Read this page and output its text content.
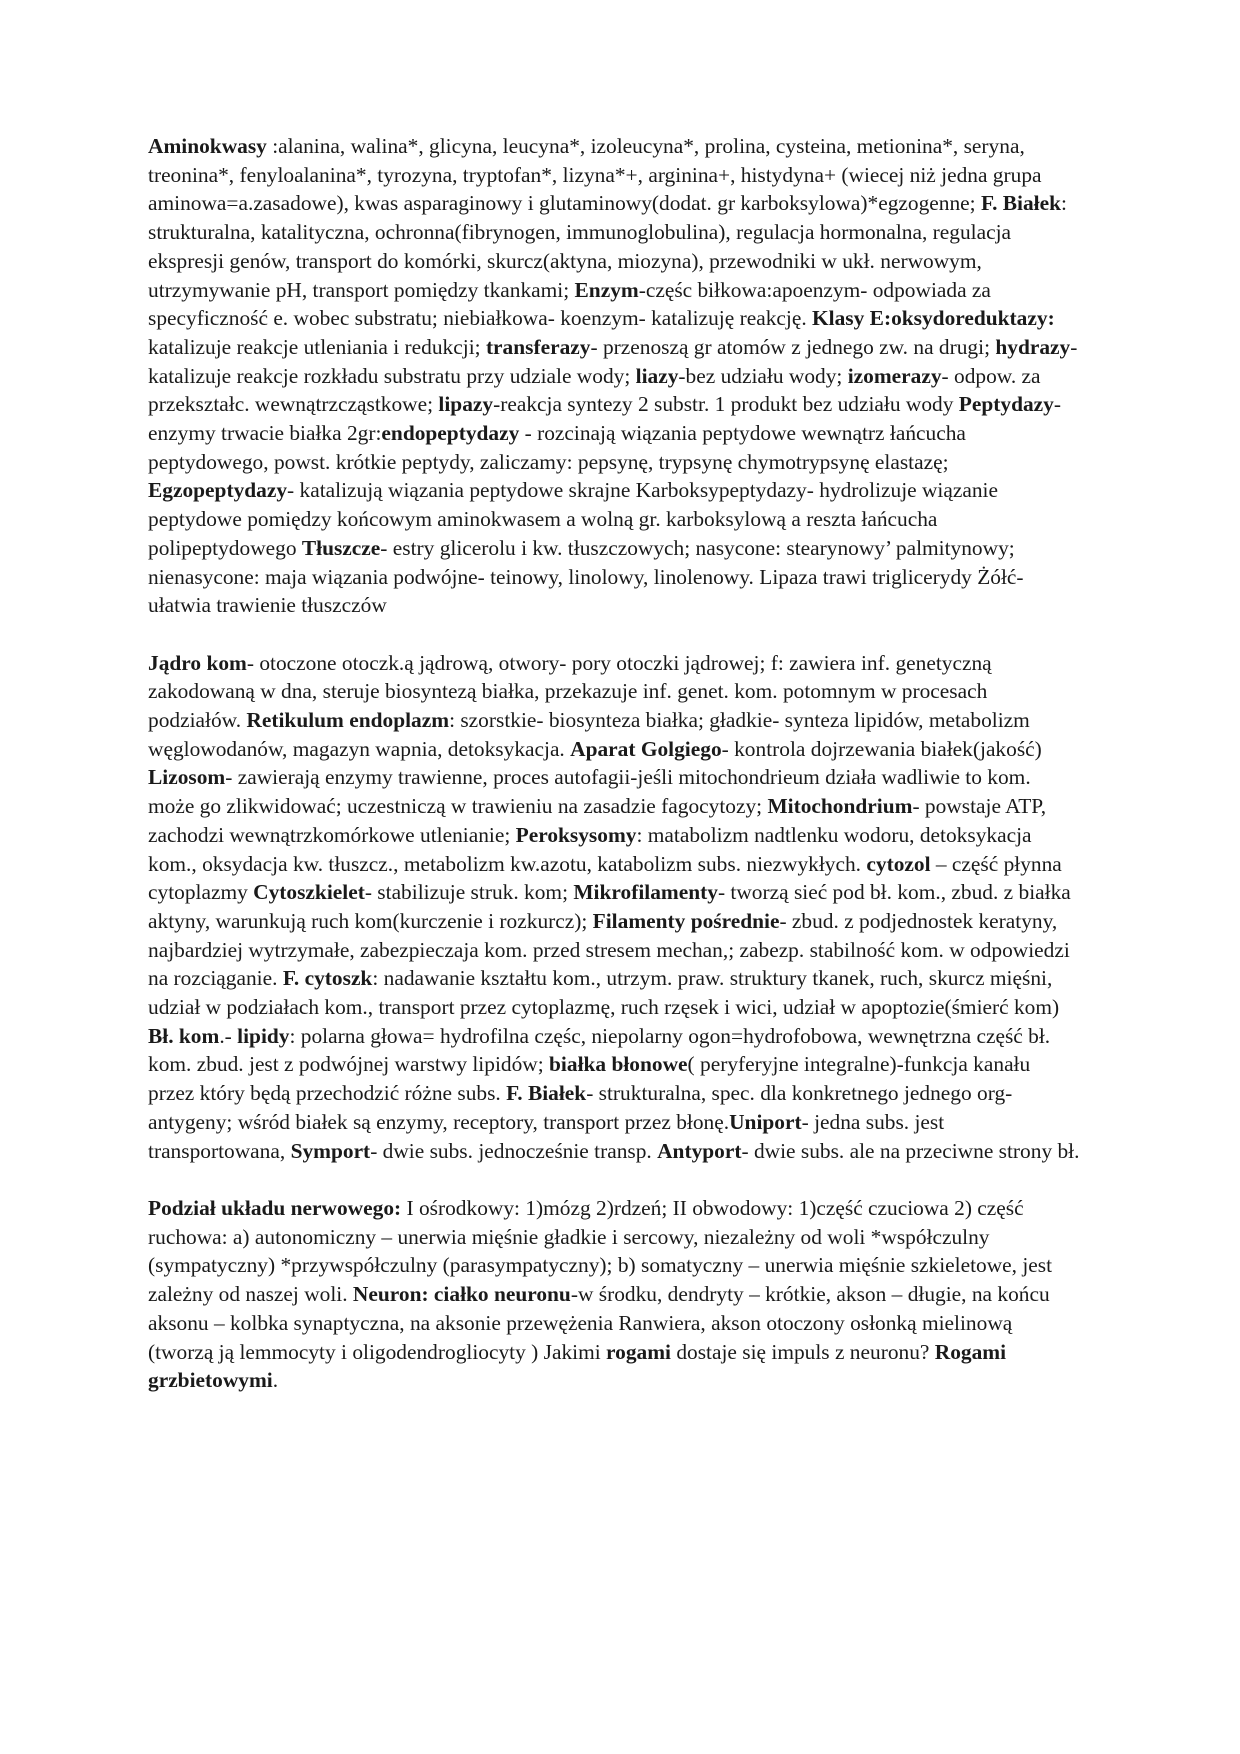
Aminokwasy :alanina, walina*, glicyna, leucyna*, izoleucyna*, prolina, cysteina, metionina*, seryna, treonina*, fenyloalanina*, tyrozyna, tryptofan*, lizyna*+, arginina+, histydyna+ (wiecej niż jedna grupa aminowa=a.zasadowe), kwas asparaginowy i glutaminowy(dodat. gr karboksylowa)*egzogenne; F. Białek: strukturalna, katalityczna, ochronna(fibrynogen, immunoglobulina), regulacja hormonalna, regulacja ekspresji genów, transport do komórki, skurcz(aktyna, miozyna), przewodniki w ukł. nerwowym, utrzymywanie pH, transport pomiędzy tkankami; Enzym-częśc biłkowa:apoenzym- odpowiada za specyficzność e. wobec substratu; niebiałkowa- koenzym- katalizuję reakcję. Klasy E:oksydoreduktazy: katalizuje reakcje utleniania i redukcji; transferazy- przenoszą gr atomów z jednego zw. na drugi; hydrazy- katalizuje reakcje rozkładu substratu przy udziale wody; liazy-bez udziału wody; izomerazy- odpow. za przekształc. wewnątrzcząstkowe; lipazy-reakcja syntezy 2 substr. 1 produkt bez udziału wody Peptydazy- enzymy trwacie białka 2gr:endopeptydazy - rozcinają wiązania peptydowe wewnątrz łańcucha peptydowego, powst. krótkie peptydy, zaliczamy: pepsynę, trypsynę chymotrypsynę elastazę; Egzopeptydazy- katalizują wiązania peptydowe skrajne Karboksypeptydazy- hydrolizuje wiązanie peptydowe pomiędzy końcowym aminokwasem a wolną gr. karboksylową a reszta łańcucha polipeptydowego Tłuszcze- estry glicerolu i kw. tłuszczowych; nasycone: stearynowy’ palmitynowy; nienasycone: maja wiązania podwójne- teinowy, linolowy, linolenowy. Lipaza trawi triglicerydy Żółć- ułatwia trawienie tłuszczów

Jądro kom- otoczone otoczk.ą jądrową, otwory- pory otoczki jądrowej; f: zawiera inf. genetyczną zakodowaną w dna, steruje biosyntezą białka, przekazuje inf. genet. kom. potomnym w procesach podziałów. Retikulum endoplazm: szorstkie- biosynteza białka; gładkie- synteza lipidów, metabolizm węglowodanów, magazyn wapnia, detoksykacja. Aparat Golgiego- kontrola dojrzewania białek(jakość) Lizosom- zawierają enzymy trawienne, proces autofagii-jeśli mitochondrieum działa wadliwie to kom. może go zlikwidować; uczestniczą w trawieniu na zasadzie fagocytozy; Mitochondrium- powstaje ATP, zachodzi wewnątrzkomórkowe utlenianie; Peroksysomy: matabolizm nadtlenku wodoru, detoksykacja kom., oksydacja kw. tłuszcz., metabolizm kw.azotu, katabolizm subs. niezwykłych. cytozol – część płynna cytoplazmy Cytoszkielet- stabilizuje struk. kom; Mikrofilamenty- tworzą sieć pod bł. kom., zbud. z białka aktyny, warunkują ruch kom(kurczenie i rozkurcz); Filamenty pośrednie- zbud. z podjednostek keratyny, najbardziej wytrzymałe, zabezpieczaja kom. przed stresem mechan,; zabezp. stabilność kom. w odpowiedzi na rozciąganie. F. cytoszk: nadawanie kształtu kom., utrzym. praw. struktury tkanek, ruch, skurcz mięśni, udział w podziałach kom., transport przez cytoplazmę, ruch rzęsek i wici, udział w apoptozie(śmierć kom) Bł. kom.- lipidy: polarna głowa= hydrofilna częśc, niepolarny ogon=hydrofobowa, wewnętrzna część bł. kom. zbud. jest z podwójnej warstwy lipidów; białka błonowe( peryferyjne integralne)-funkcja kanału przez który będą przechodzić różne subs. F. Białek- strukturalna, spec. dla konkretnego jednego org- antygeny; wśród białek są enzymy, receptory, transport przez błonę.Uniport- jedna subs. jest transportowana, Symport- dwie subs. jednocześnie transp. Antyport- dwie subs. ale na przeciwne strony bł.

Podział układu nerwowego: I ośrodkowy: 1)mózg 2)rdzeń; II obwodowy: 1)część czuciowa 2) część ruchowa: a) autonomiczny – unerwia mięśnie gładkie i sercowy, niezależny od woli *współczulny (sympatyczny) *przywspółczulny (parasympatyczny); b) somatyczny – unerwia mięśnie szkieletowe, jest zależny od naszej woli. Neuron: ciałko neuronu-w środku, dendryty – krótkie, akson – długie, na końcu aksonu – kolbka synaptyczna, na aksonie przewężenia Ranwiera, akson otoczony osłonką mielinową (tworzą ją lemmocyty i oligodendrogliocyty ) Jakimi rogami dostaje się impuls z neuronu? Rogami grzbietowymi.
